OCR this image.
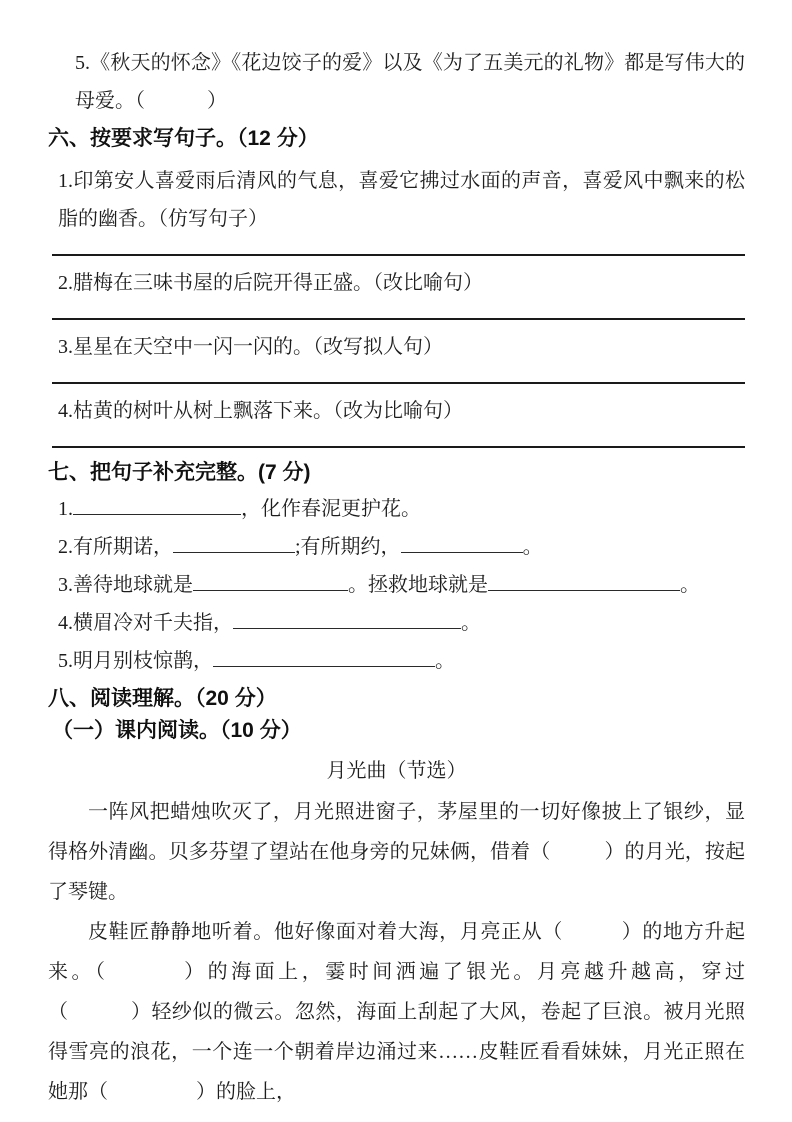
5.《秋天的怀念》《花边饺子的爱》以及《为了五美元的礼物》都是写伟大的母爱。（	）

六、按要求写句子。（12 分）

1.印第安人喜爱雨后清风的气息，喜爱它拂过水面的声音，喜爱风中飘来的松脂的幽香。（仿写句子）

2.腊梅在三味书屋的后院开得正盛。（改比喻句）

3.星星在天空中一闪一闪的。（改写拟人句）

4.枯黄的树叶从树上飘落下来。（改为比喻句）

七、把句子补充完整。(7 分)

1.	，化作春泥更护花。

2.有所期诺，	;有所期约，	。

3.善待地球就是	。拯救地球就是	。

4.横眉冷对千夫指，	。

5.明月别枝惊鹊，	。

八、阅读理解。（20 分）
（一）课内阅读。（10 分）

月光曲（节选）

一阵风把蜡烛吹灭了，月光照进窗子，茅屋里的一切好像披上了银纱，显得格外清幽。贝多芬望了望站在他身旁的兄妹俩，借着（	）的月光，按起了琴键。

皮鞋匠静静地听着。他好像面对着大海，月亮正从（	）的地方升起来。（	）的海面上，霎时间洒遍了银光。月亮越升越高，穿过（	）轻纱似的微云。忽然，海面上刮起了大风，卷起了巨浪。被月光照得雪亮的浪花，一个连一个朝着岸边涌过来……皮鞋匠看看妹妹，月光正照在她那（	）的脸上，
